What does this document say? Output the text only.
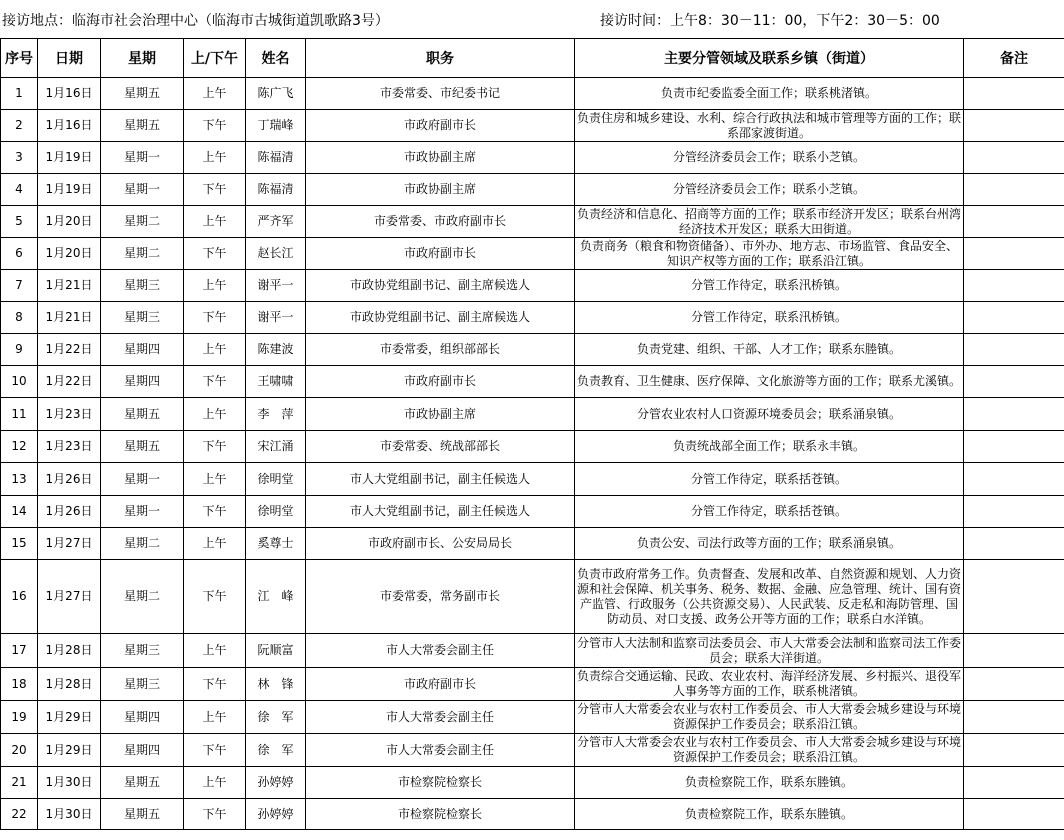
接访地点：临海市社会治理中心（临海市古城街道凯歌路3号）	接访时间：上午8：30－11：00，下午2：30－5：00
序号	日期	星期	上/下午	姓名	职务	主要分管领域及联系乡镇（街道）	备注
1	1月16日	星期五	上午	陈广飞	市委常委、市纪委书记	负责市纪委监委全面工作；联系桃渚镇。	
2	1月16日	星期五	下午	丁瑞峰	市政府副市长	负责住房和城乡建设、水利、综合行政执法和城市管理等方面的工作；联系邵家渡街道。	
3	1月19日	星期一	上午	陈福清	市政协副主席	分管经济委员会工作；联系小芝镇。	
4	1月19日	星期一	下午	陈福清	市政协副主席	分管经济委员会工作；联系小芝镇。	
5	1月20日	星期二	上午	严齐军	市委常委、市政府副市长	负责经济和信息化、招商等方面的工作；联系市经济开发区；联系台州湾经济技术开发区；联系大田街道。	
6	1月20日	星期二	下午	赵长江	市政府副市长	负责商务（粮食和物资储备）、市外办、地方志、市场监管、食品安全、知识产权等方面的工作；联系沿江镇。	
7	1月21日	星期三	上午	谢平一	市政协党组副书记、副主席候选人	分管工作待定，联系汛桥镇。	
8	1月21日	星期三	下午	谢平一	市政协党组副书记、副主席候选人	分管工作待定，联系汛桥镇。	
9	1月22日	星期四	上午	陈建波	市委常委，组织部部长	负责党建、组织、干部、人才工作；联系东塍镇。	
10	1月22日	星期四	下午	王啸啸	市政府副市长	负责教育、卫生健康、医疗保障、文化旅游等方面的工作；联系尤溪镇。	
11	1月23日	星期五	上午	李　萍	市政协副主席	分管农业农村人口资源环境委员会；联系涌泉镇。	
12	1月23日	星期五	下午	宋江涌	市委常委、统战部部长	负责统战部全面工作；联系永丰镇。	
13	1月26日	星期一	上午	徐明堂	市人大党组副书记，副主任候选人	分管工作待定，联系括苍镇。	
14	1月26日	星期一	下午	徐明堂	市人大党组副书记，副主任候选人	分管工作待定，联系括苍镇。	
15	1月27日	星期二	上午	奚尊士	市政府副市长、公安局局长	负责公安、司法行政等方面的工作；联系涌泉镇。	
16	1月27日	星期二	下午	江　峰	市委常委，常务副市长	负责市政府常务工作。负责督查、发展和改革、自然资源和规划、人力资源和社会保障、机关事务、税务、数据、金融、应急管理、统计、国有资产监管、行政服务（公共资源交易）、人民武装、反走私和海防管理、国防动员、对口支援、政务公开等方面的工作；联系白水洋镇。	
17	1月28日	星期三	上午	阮顺富	市人大常委会副主任	分管市人大法制和监察司法委员会、市人大常委会法制和监察司法工作委员会；联系大洋街道。	
18	1月28日	星期三	下午	林　锋	市政府副市长	负责综合交通运输、民政、农业农村、海洋经济发展、乡村振兴、退役军人事务等方面的工作，联系桃渚镇。	
19	1月29日	星期四	上午	徐　军	市人大常委会副主任	分管市人大常委会农业与农村工作委员会、市人大常委会城乡建设与环境资源保护工作委员会；联系沿江镇。	
20	1月29日	星期四	下午	徐　军	市人大常委会副主任	分管市人大常委会农业与农村工作委员会、市人大常委会城乡建设与环境资源保护工作委员会；联系沿江镇。	
21	1月30日	星期五	上午	孙婷婷	市检察院检察长	负责检察院工作，联系东塍镇。	
22	1月30日	星期五	下午	孙婷婷	市检察院检察长	负责检察院工作，联系东塍镇。	
